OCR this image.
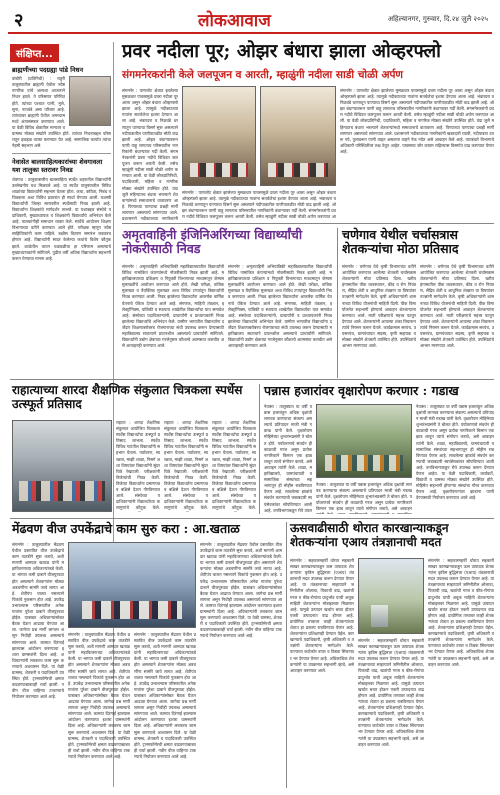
२	लोकआवाज	अहिल्यानगर, गुरुवार, दि.२४ जुलै २०२५
संक्षिप्त...
ब्राह्मणीच्या पदग्रह्या पांडे निधन
वांबोरी (प्रतिनिधी) : राहुरी तालुक्यातील ब्राह्मणी येथील ज्येष्ठ नागरिक यांचे अल्पशा आजाराने निधन झाले. ते परिसरात परिचित होते. त्यांच्या पश्चात पत्नी, मुले, सुना, नातवंडे असा परिवार आहे. त्यांच्यावर ब्राह्मणी येथील अमरधाममध्ये अंत्यसंस्कार करण्यात आले. या वेळी विविध क्षेत्रातील मान्यवर व ग्रामस्थ मोठ्या संख्येने उपस्थित होते. त्यांच्या निधनाबद्दल परिसरातून हळहळ व्यक्त करण्यात येत आहे. सामाजिक कार्यात त्यांचा नेहमी सहभाग असे.
नेवासेत बालसाहित्यकारांच्या शेवगावला यश तालुका स्तरावर निवड
शेवगाव : तालुकास्तरीय बालसाहित्य स्पर्धेत शहरातील विद्यार्थ्यांनी उल्लेखनीय यश मिळवले आहे. या स्पर्धेत तालुक्यातील विविध शाळांच्या विद्यार्थ्यांनी सहभाग घेतला होता. कथा, कविता, निबंध व चित्रकला अशा विविध प्रकारांत ही स्पर्धा घेण्यात आली. यशस्वी विद्यार्थ्यांची जिल्हा स्तरावरील स्पर्धेसाठी निवड झाली आहे. विद्यार्थ्यांना शिक्षकांचे मार्गदर्शन लाभले. या यशाबद्दल संस्थेचे पदाधिकारी, मुख्याध्यापक व शिक्षकांनी विद्यार्थ्यांचे अभिनंदन केले आहे. पालकांनीही समाधान व्यक्त केले. स्पर्धेचे आयोजन शिक्षण विभागाच्या वतीने करण्यात आले होते. परीक्षक म्हणून ज्येष्ठ साहित्यिकांनी काम पाहिले. बक्षीस वितरण समारंभ लवकरच होणार आहे. विद्यार्थ्यांनी सादर केलेल्या कथांचे विशेष कौतुक झाले. शाळेतील वाचन चळवळीचा हा परिणाम असल्याचे मुख्याध्यापकांनी सांगितले. पुढील वर्षी अधिक विद्यार्थ्यांना सहभागी करून घेण्याचा मानस आहे.
प्रवर नदीला पूर; ओझर बंधारा झाला ओव्हरफ्लो
संगमनेरकरांनी केले जलपूजन व आरती, म्हाळुंगी नदीला साडी चोळी अर्पण
संगमनेर : पाणलोट क्षेत्रात झालेल्या मुसळधार पावसामुळे प्रवरा नदीला पूर आला असून ओझर बंधारा ओव्हरफ्लो झाला आहे. त्यामुळे नदीकाठच्या गावांना सतर्कतेचा इशारा देण्यात आला आहे. भंडारदरा व निळवंडे धरणातून पाण्याचा विसर्ग सुरू असल्याने नदीपात्रातील पाणीपातळीत मोठी वाढ झाली आहे. ओझर बंधाऱ्यावरून पाणी वाहू लागताच परिसरातील नागरिकांनी बंधाऱ्यावर गर्दी केली. संगमनेरकरांनी प्रवरा नदीचे विधिवत जलपूजन करून आरती केली. तसेच म्हाळुंगी नदीला साडी चोळी अर्पण करण्यात आली. या वेळी लोकप्रतिनिधी, पदाधिकारी, महिला व नागरिक मोठ्या संख्येने उपस्थित होते. यंदा जुलै महिन्यातच बंधारा भरल्याने शेतकऱ्यांमध्ये समाधानाचे वातावरण आहे. पिण्याच्या पाण्याचा प्रश्नही मार्गी लागणार असल्याचे सांगण्यात आले. प्रशासनाने नदीकाठच्या नागरिकांनी
संगमनेर : पाणलोट क्षेत्रात झालेल्या मुसळधार पावसामुळे प्रवरा नदीला पूर आला असून ओझर बंधारा ओव्हरफ्लो झाला आहे. त्यामुळे नदीकाठच्या गावांना सतर्कतेचा इशारा देण्यात आला आहे. भंडारदरा व निळवंडे धरणातून पाण्याचा विसर्ग सुरू असल्याने नदीपात्रातील पाणीपातळीत मोठी वाढ झाली आहे. ओझर बंधाऱ्यावरून पाणी वाहू लागताच परिसरातील नागरिकांनी बंधाऱ्यावर गर्दी केली. संगमनेरकरांनी प्रवरा नदीचे विधिवत जलपूजन करून आरती केली. तसेच म्हाळुंगी नदीला साडी चोळी अर्पण करण्यात आ
संगमनेर : पाणलोट क्षेत्रात झालेल्या मुसळधार पावसामुळे प्रवरा नदीला पूर आला असून ओझर बंधारा ओव्हरफ्लो झाला आहे. त्यामुळे नदीकाठच्या गावांना सतर्कतेचा इशारा देण्यात आला आहे. भंडारदरा व निळवंडे धरणातून पाण्याचा विसर्ग सुरू असल्याने नदीपात्रातील पाणीपातळीत मोठी वाढ झाली आहे. ओझर बंधाऱ्यावरून पाणी वाहू लागताच परिसरातील नागरिकांनी बंधाऱ्यावर गर्दी केली. संगमनेरकरांनी प्रवरा नदीचे विधिवत जलपूजन करून आरती केली. तसेच म्हाळुंगी नदीला साडी चोळी अर्पण करण्यात आली. या वेळी लोकप्रतिनिधी, पदाधिकारी, महिला व नागरिक मोठ्या संख्येने उपस्थित होते. यंदा जुलै महिन्यातच बंधारा भरल्याने शेतकऱ्यांमध्ये समाधानाचे वातावरण आहे. पिण्याच्या पाण्याचा प्रश्नही मार्गी लागणार असल्याचे सांगण्यात आले. प्रशासनाने नदीकाठच्या नागरिकांनी खबरदारी घ्यावी, नदीपात्रात उतरू नये, पुलावरून पाणी वाहत असताना वाहने नेऊ नयेत असे आवाहन केले आहे. पाटबंधारे विभागाचे अधिकारी परिस्थितीवर लक्ष ठेवून आहेत. पावसाचा जोर कायम राहिल्यास विसर्गात वाढ करण्यात येणार आहे.
अमृतवाहिनी इंजिनिअरिंगच्या विद्यार्थ्यांची नोकरीसाठी निवड
संगमनेर : अमृतवाहिनी अभियांत्रिकी महाविद्यालयातील विद्यार्थ्यांची विविध नामांकित कंपन्यांमध्ये नोकरीसाठी निवड झाली आहे. महाविद्यालयाच्या प्रशिक्षण व नियुक्ती विभागाच्या माध्यमातून कॅम्पस मुलाखतींचे आयोजन करण्यात आले होते. लेखी परीक्षा, तांत्रिक मुलाखत व वैयक्तिक मुलाखत अशा विविध टप्प्यांतून विद्यार्थ्यांची निवड करण्यात आली. निवड झालेल्या विद्यार्थ्यांना आकर्षक वार्षिक वेतनाचे पॅकेज देण्यात आले आहे. संगणक, माहिती तंत्रज्ञान, इलेक्ट्रॉनिक्स, यांत्रिकी व स्थापत्य शाखेतील विद्यार्थ्यांचा यात समावेश आहे. संस्थेच्या पदाधिकाऱ्यांनी, प्राचार्यांनी व प्राध्यापकांनी निवड झालेल्या विद्यार्थ्यांचे अभिनंदन केले. ग्रामीण भागातील विद्यार्थ्यांना दर्जेदार शिक्षणाबरोबरच रोजगाराच्या संधी उपलब्ध करून देण्यासाठी महाविद्यालय सातत्याने प्रयत्नशील असल्याचे प्राचार्यांनी सांगितले. विद्यार्थ्यांनी उद्योग क्षेत्राच्या गरजेनुसार कौशल्ये आत्मसात करावीत असे आवाहनही करण्यात आले.
संगमनेर : अमृतवाहिनी अभियांत्रिकी महाविद्यालयातील विद्यार्थ्यांची विविध नामांकित कंपन्यांमध्ये नोकरीसाठी निवड झाली आहे. महाविद्यालयाच्या प्रशिक्षण व नियुक्ती विभागाच्या माध्यमातून कॅम्पस मुलाखतींचे आयोजन करण्यात आले होते. लेखी परीक्षा, तांत्रिक मुलाखत व वैयक्तिक मुलाखत अशा विविध टप्प्यांतून विद्यार्थ्यांची निवड करण्यात आली. निवड झालेल्या विद्यार्थ्यांना आकर्षक वार्षिक वेतनाचे पॅकेज देण्यात आले आहे. संगणक, माहिती तंत्रज्ञान, इलेक्ट्रॉनिक्स, यांत्रिकी व स्थापत्य शाखेतील विद्यार्थ्यांचा यात समावेश आहे. संस्थेच्या पदाधिकाऱ्यांनी, प्राचार्यांनी व प्राध्यापकांनी निवड झालेल्या विद्यार्थ्यांचे अभिनंदन केले. ग्रामीण भागातील विद्यार्थ्यांना दर्जेदार शिक्षणाबरोबरच रोजगाराच्या संधी उपलब्ध करून देण्यासाठी महाविद्यालय सातत्याने प्रयत्नशील असल्याचे प्राचार्यांनी सांगितले. विद्यार्थ्यांनी उद्योग क्षेत्राच्या गरजेनुसार कौशल्ये आत्मसात करावीत असे आवाहनही करण्यात आले.
चणेगाव येथील चर्चासत्रास शेतकऱ्यांचा मोठा प्रतिसाद
संगमनेर : चणेगाव येथे कृषी विभागाच्या वतीने आयोजित करण्यात आलेल्या शेतकरी चर्चासत्रास शेतकऱ्यांनी मोठा प्रतिसाद दिला. खरीप हंगामातील पीक व्यवस्थापन, कीड व रोग नियंत्रण, सेंद्रिय शेती व आधुनिक तंत्रज्ञान या विषयांवर तज्ज्ञांनी मार्गदर्शन केले. कृषी अधिकाऱ्यांनी शासनाच्या विविध योजनांची माहिती दिली. पीक विमा योजनेत सहभागी होण्याचे आवाहन शेतकऱ्यांना करण्यात आले. माती परीक्षणाचे महत्त्व पटवून देण्यात आले. शेतकऱ्यांनी आपल्या शंका विचारून त्यांचे निरसन करून घेतले. कार्यक्रमास सरपंच, उपसरपंच, ग्रामपंचायत सदस्य, कृषी सहायक व मोठ्या संख्येने शेतकरी उपस्थित होते. उपस्थितांचे आभार मानण्यात आले.
संगमनेर : चणेगाव येथे कृषी विभागाच्या वतीने आयोजित करण्यात आलेल्या शेतकरी चर्चासत्रास शेतकऱ्यांनी मोठा प्रतिसाद दिला. खरीप हंगामातील पीक व्यवस्थापन, कीड व रोग नियंत्रण, सेंद्रिय शेती व आधुनिक तंत्रज्ञान या विषयांवर तज्ज्ञांनी मार्गदर्शन केले. कृषी अधिकाऱ्यांनी शासनाच्या विविध योजनांची माहिती दिली. पीक विमा योजनेत सहभागी होण्याचे आवाहन शेतकऱ्यांना करण्यात आले. माती परीक्षणाचे महत्त्व पटवून देण्यात आले. शेतकऱ्यांनी आपल्या शंका विचारून त्यांचे निरसन करून घेतले. कार्यक्रमास सरपंच, उपसरपंच, ग्रामपंचायत सदस्य, कृषी सहायक व मोठ्या संख्येने शेतकरी उपस्थित होते. उपस्थितांचे आभार मानण्यात आले.
राहात्याच्या शारदा शैक्षणिक संकुलात चित्रकला स्पर्धेस उत्स्फूर्त प्रतिसाद
राहाता : शारदा शैक्षणिक संकुलात आयोजित चित्रकला स्पर्धेस विद्यार्थ्यांचा उत्स्फूर्त प्रतिसाद लाभला. स्पर्धेत विविध गटांतील विद्यार्थ्यांनी सहभाग घेतला. पर्यावरण, स्वच्छता, माझी शाळा, निसर्ग अशा विषयांवर विद्यार्थ्यांनी सुंदर चित्रे रेखाटली. परीक्षकांनी विजेत्यांची निवड केली. विजेत्या विद्यार्थ्यांना प्रमाणपत्र व बक्षिसे देऊन गौरविण्यात आले. संस्थेच्या पदाधिकाऱ्यांनी विद्यार्थ्यांच्या कलागुणांचे कौतुक केले.
राहाता : शारदा शैक्षणिक संकुलात आयोजित चित्रकला स्पर्धेस विद्यार्थ्यांचा उत्स्फूर्त प्रतिसाद लाभला. स्पर्धेत विविध गटांतील विद्यार्थ्यांनी सहभाग घेतला. पर्यावरण, स्वच्छता, माझी शाळा, निसर्ग अशा विषयांवर विद्यार्थ्यांनी सुंदर चित्रे रेखाटली. परीक्षकांनी विजेत्यांची निवड केली. विजेत्या विद्यार्थ्यांना प्रमाणपत्र व बक्षिसे देऊन गौरविण्यात आले. संस्थेच्या पदाधिकाऱ्यांनी विद्यार्थ्यांच्या कलागुणांचे कौतुक केले.
राहाता : शारदा शैक्षणिक संकुलात आयोजित चित्रकला स्पर्धेस विद्यार्थ्यांचा उत्स्फूर्त प्रतिसाद लाभला. स्पर्धेत विविध गटांतील विद्यार्थ्यांनी सहभाग घेतला. पर्यावरण, स्वच्छता, माझी शाळा, निसर्ग अशा विषयांवर विद्यार्थ्यांनी सुंदर चित्रे रेखाटली. परीक्षकांनी विजेत्यांची निवड केली. विजेत्या विद्यार्थ्यांना प्रमाणपत्र व बक्षिसे देऊन गौरविण्यात आले. संस्थेच्या पदाधिकाऱ्यांनी विद्यार्थ्यांच्या कलागुणांचे कौतुक केले.
पन्नास हजारांवर वृक्षारोपण करणार : गडाख
नेवासा : तालुक्यात या वर्षी पन्नास हजारांहून अधिक वृक्षांची लागवड करण्याचा संकल्प असल्याचे प्रतिपादन माजी मंत्री गडाख यांनी केले. वृक्षारोपण मोहिमेच्या शुभारंभप्रसंगी ते बोलत होते. पर्यावरणाचे संवर्धन ही काळाची गरज असून प्रत्येक नागरिकाने किमान एक झाड लावून त्याचे संगोपन करावे, असे आवाहन त्यांनी केले. शाळा, महाविद्यालये, ग्रामपंचायती व सामाजिक संस्थांच्या सहभागातून ही मोहीम राबविण्यात येणार आहे. लावलेल्या झाडांचे संवर्धन करण्याची जबाबदारी स्वयंसेवकांवर सोपविण्यात आली आहे. वनविभागाकडून रोपे उपल
नेवासा : तालुक्यात या वर्षी पन्नास हजारांहून अधिक वृक्षांची लागवड करण्याचा संकल्प असल्याचे प्रतिपादन माजी मंत्री गडाख यांनी केले. वृक्षारोपण मोहिमेच्या शुभारंभप्रसंगी ते बोलत होते. पर्यावरणाचे संवर्धन ही काळाची गरज असून प्रत्येक नागरिकाने किमान एक झाड लावून त्याचे संगोपन करावे, असे आवाहन
नेवासा : तालुक्यात या वर्षी पन्नास हजारांहून अधिक वृक्षांची लागवड करण्याचा संकल्प असल्याचे प्रतिपादन माजी मंत्री गडाख यांनी केले. वृक्षारोपण मोहिमेच्या शुभारंभप्रसंगी ते बोलत होते. पर्यावरणाचे संवर्धन ही काळाची गरज असून प्रत्येक नागरिकाने किमान एक झाड लावून त्याचे संगोपन करावे, असे आवाहन त्यांनी केले. शाळा, महाविद्यालये, ग्रामपंचायती व सामाजिक संस्थांच्या सहभागातून ही मोहीम राबविण्यात येणार आहे. लावलेल्या झाडांचे संवर्धन करण्याची जबाबदारी स्वयंसेवकांवर सोपविण्यात आली आहे. वनविभागाकडून रोपे उपलब्ध करून देण्यात येणार आहेत. या वेळी पदाधिकारी, कार्यकर्ते, विद्यार्थी व ग्रामस्थ मोठ्या संख्येने उपस्थित होते. मोहिमेत सहभागी होणाऱ्या संस्थांचा गौरव करण्यात येणार आहे. वृक्षारोपणानंतर झाडांना पाणी देण्यासाठी नियोजन करण्यात आले आहे.
मेंढवण वीज उपकेंद्राचे काम सुरु करा : आ.खताळ
संगमनेर : तालुक्यातील मेंढवण येथील प्रस्तावित वीज उपकेंद्राचे काम तातडीने सुरू करावे, अशी मागणी आमदार खताळ यांनी महावितरणच्या अधिकाऱ्यांकडे केली. या भागात कमी दाबाने वीजपुरवठा होत असल्याने शेतकऱ्यांना मोठ्या अडचणींना सामोरे जावे लागत आहे. शेतीपंप चालत नसल्याने पिकांचे नुकसान होत आहे. उपकेंद्र उभारल्यास परिसरातील अनेक गावांना पुरेशा दाबाने वीजपुरवठा होईल. याबाबत अधिकाऱ्यांसोबत बैठक घेऊन आढावा घेण्यात आला. जागेचा प्रश्न मार्गी लागला असून निधीही उपलब्ध असल्याचे सांगण्यात आले. कामात दिरंगाई झाल्यास आंदोलन करण्याचा इशारा ग्रामस्थांनी दिला आहे. अधिकाऱ्यांनी लवकरच काम सुरू करण्याचे आश्वासन दिले. या वेळी ग्रामस्थ, शेतकरी व पदाधिकारी उपस्थित होते. ट्रान्सफॉर्मरची क्षमता वाढवण्याबाबतही चर्चा झाली. नवीन वीज वाहिन्या टाकण्याचे नियोजन करण्यात आले आहे.
संगमनेर : तालुक्यातील मेंढवण येथील प्रस्तावित वीज उपकेंद्राचे काम तातडीने सुरू करावे, अशी मागणी आमदार खताळ यांनी महावितरणच्या अधिकाऱ्यांकडे केली. या भागात कमी दाबाने वीजपुरवठा होत असल्याने शेतकऱ्यांना मोठ्या अडचणींना सामोरे जावे लागत आहे. शेतीपंप चालत नसल्याने पिकांचे नुकसान होत आहे. उपकेंद्र उभारल्यास परिसरातील अनेक गावांना पुरेशा दाबाने वीजपुरवठा होईल. याबाबत अधिकाऱ्यांसोबत बैठक घेऊन आढावा घेण्यात आला. जागेचा प्रश्न मार्गी लागला असून निधीही उपलब्ध असल्याचे सांगण्यात आले. कामात दिरंगाई झाल्यास आंदोलन करण्याचा इशारा ग्रामस्थांनी दिला आहे. अधिकाऱ्यांनी लवकरच काम सुरू करण्याचे आश्वासन दिले. या वेळी ग्रामस्थ, शेतकरी व पदाधिकारी उपस्थित होते. ट्रान्सफॉर्मरची क्षमता वाढवण्याबाबतही चर्चा झाली. नवीन वीज वाहिन्या टाकण्याचे नियोजन करण्यात आले आहे.
संगमनेर : तालुक्यातील मेंढवण येथील प्रस्तावित वीज उपकेंद्राचे काम तातडीने सुरू करावे, अशी मागणी आमदार खताळ यांनी महावितरणच्या अधिकाऱ्यांकडे केली. या भागात कमी दाबाने वीजपुरवठा होत असल्याने शेतकऱ्यांना मोठ्या अडचणींना सामोरे जावे लागत आहे. शेतीपंप चालत नसल्याने पिकांचे नुकसान होत आहे. उपकेंद्र उभारल्यास परिसरातील अनेक गावांना पुरेशा दाबाने वीजपुरवठा होईल. याबाबत अधिकाऱ्यांसोबत बैठक घेऊन आढावा घेण्यात आला. जागेचा प्रश्न मार्गी लागला असून निधीही उपलब्ध असल्याचे सांगण्यात आले. कामात दिरंगाई झाल्यास आंदोलन करण्याचा इशारा ग्रामस्थांनी दिला आहे. अधिकाऱ्यांनी लवकरच काम सुरू करण्याचे आश्वासन दिले. या वेळी ग्रामस्थ, शेतकरी व पदाधिकारी उपस्थित होते. ट्रान्सफॉर्मरची क्षमता वाढवण्याबाबतही चर्चा झाली. नवीन वीज वाहिन्या टाकण्याचे नियोजन करण्यात आले आहे.
संगमनेर : तालुक्यातील मेंढवण येथील प्रस्तावित वीज उपकेंद्राचे काम तातडीने सुरू करावे, अशी मागणी आमदार खताळ यांनी महावितरणच्या अधिकाऱ्यांकडे केली. या भागात कमी दाबाने वीजपुरवठा होत असल्याने शेतकऱ्यांना मोठ्या अडचणींना सामोरे जावे लागत आहे. शेतीपंप चालत नसल्याने पिकांचे नुकसान होत आहे. उपकेंद्र उभारल्यास परिसरातील अनेक गावांना पुरेशा दाबाने वीजपुरवठा होईल. याबाबत अधिकाऱ्यांसोबत बैठक घेऊन आढावा घेण्यात आला. जागेचा प्रश्न मार्गी लागला असून निधीही उपलब्ध असल्याचे सांगण्यात आले. कामात दिरंगाई झाल्यास आंदोलन करण्याचा इशारा ग्रामस्थांनी दिला आहे. अधिकाऱ्यांनी लवकरच काम सुरू करण्याचे आश्वासन दिले. या वेळी ग्रामस्थ, शेतकरी व पदाधिकारी उपस्थित होते. ट्रान्सफॉर्मरची क्षमता वाढवण्याबाबतही चर्चा झाली. नवीन वीज वाहिन्या टाकण्याचे नियोजन करण्यात आले आहे.
ऊसवाढीसाठी थोरात कारखान्याकडून शेतकऱ्यांना एआय तंत्रज्ञानाची मदत
संगमनेर : सहकारमहर्षी थोरात सहकारी साखर कारखान्याकडून ऊस उत्पादक शेतकऱ्यांना कृत्रिम बुद्धिमत्ता (एआय) तंत्रज्ञानाची मदत उपलब्ध करून देण्यात येणार आहे. या तंत्रज्ञानाच्या साहाय्याने जमिनीतील ओलावा, पिकाची वाढ, खतांची गरज व कीड-रोगांचा प्रादुर्भाव याची अचूक माहिती शेतकऱ्यांना मोबाइलवर मिळणार आहे. यामुळे उत्पादन खर्चात बचत होऊन एकरी उत्पादनात वाढ होणार आहे. प्रायोगिक तत्त्वावर काही शेतकऱ्यांच्या शेतात हा प्रकल्प राबविण्यात येणार आहे. शेतकऱ्यांना प्रशिक्षणही देण्यात येईल. कारखान्याचे पदाधिकारी, कृषी अधिकारी व तज्ज्ञांनी शेतकऱ्यांना मार्गदर्शन केले. पाण्याचा काटेकोर वापर व ठिबक सिंचनावर भर देण्यात येणार आहे. अधिकाधिक शेतकऱ्यांनी या उपक्रमात सहभागी व्हावे, असे आवाहन करण्यात आले.
संगमनेर : सहकारमहर्षी थोरात सहकारी साखर कारखान्याकडून ऊस उत्पादक शेतकऱ्यांना कृत्रिम बुद्धिमत्ता (एआय) तंत्रज्ञानाची मदत उपलब्ध करून देण्यात येणार आहे. या तंत्रज्ञानाच्या साहाय्याने जमिनीतील ओलावा, पिकाची वाढ, खतांची गरज व कीड-रोगांचा प्रादुर्भाव याची अचूक माहिती शेतकऱ्यांना मोबाइलवर मिळणार आहे. यामुळे उत्पादन खर्चात बचत होऊन एकरी उत्पादनात वाढ होणार आहे. प्रायोगिक तत्त्वावर काही शेतकऱ्यांच्या शेतात हा प्रकल्प राबविण्यात येणार आहे. शेतकऱ्यांना प्रशिक्षणही देण्यात येईल. कारखान्याचे पदाधिकारी, कृषी अधिकारी व तज्ज्ञांनी शेतकऱ्यांना मार्गदर्शन केले. पाण्याचा काटेकोर वापर व ठिबक सिंचनावर भर देण्यात येणार आहे. अधिकाधिक शेतकऱ्यांनी या उपक्रमात सहभागी व्हावे, असे आवाहन करण्यात आले.
संगमनेर : सहकारमहर्षी थोरात सहकारी साखर कारखान्याकडून ऊस उत्पादक शेतकऱ्यांना कृत्रिम बुद्धिमत्ता (एआय) तंत्रज्ञानाची मदत उपलब्ध करून देण्यात येणार आहे. या तंत्रज्ञानाच्या साहाय्याने जमिनीतील ओलावा, पिकाची वाढ, खतांची गरज व कीड-रोगांचा प्रादुर्भाव याची अचूक माहिती शेतकऱ्यांना मोबाइलवर मिळणार आहे. यामुळे उत्पादन खर्चात बचत होऊन एकरी उत्पादनात वाढ होणार आहे. प्रायोगिक तत्त्वावर काही शेतकऱ्यांच्या शेतात हा प्रकल्प राबविण्यात येणार आहे. शेतकऱ्यांना प्रशिक्षणही देण्यात येईल. कारखान्याचे पदाधिकारी, कृषी अधिकारी व तज्ज्ञांनी शेतकऱ्यांना मार्गदर्शन केले. पाण्याचा काटेकोर वापर व ठिबक सिंचनावर भर देण्यात येणार आहे. अधिकाधिक शेतकऱ्यांनी या उपक्रमात सहभागी व्हावे, असे आवाहन करण्यात आले.
